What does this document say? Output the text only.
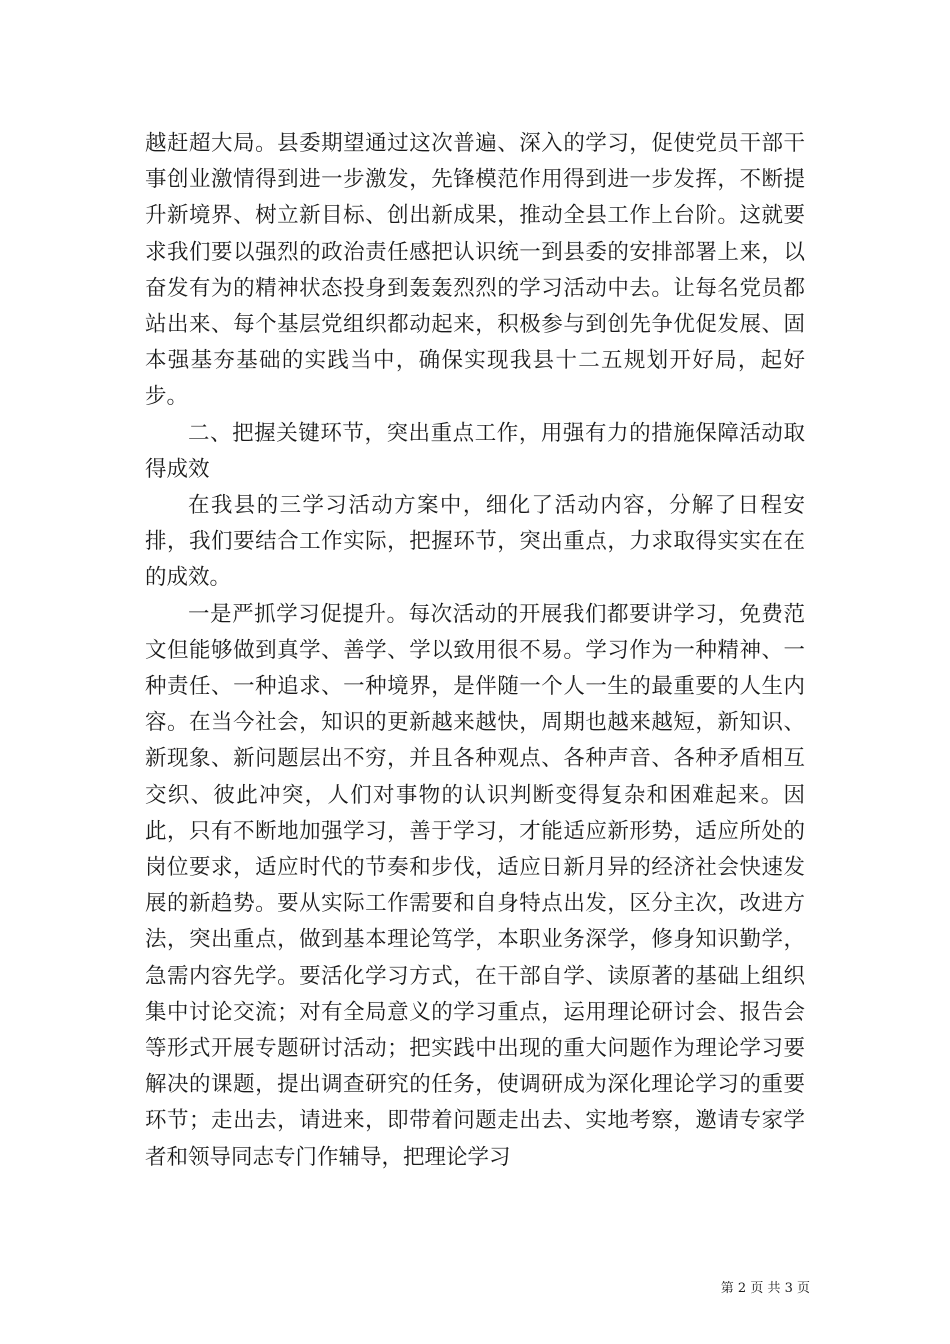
越赶超大局。县委期望通过这次普遍、深入的学习，促使党员干部干事创业激情得到进一步激发，先锋模范作用得到进一步发挥，不断提升新境界、树立新目标、创出新成果，推动全县工作上台阶。这就要求我们要以强烈的政治责任感把认识统一到县委的安排部署上来，以奋发有为的精神状态投身到轰轰烈烈的学习活动中去。让每名党员都站出来、每个基层党组织都动起来，积极参与到创先争优促发展、固本强基夯基础的实践当中，确保实现我县十二五规划开好局，起好步。

二、把握关键环节，突出重点工作，用强有力的措施保障活动取得成效

在我县的三学习活动方案中，细化了活动内容，分解了日程安排，我们要结合工作实际，把握环节，突出重点，力求取得实实在在的成效。

一是严抓学习促提升。每次活动的开展我们都要讲学习，免费范文但能够做到真学、善学、学以致用很不易。学习作为一种精神、一种责任、一种追求、一种境界，是伴随一个人一生的最重要的人生内容。在当今社会，知识的更新越来越快，周期也越来越短，新知识、新现象、新问题层出不穷，并且各种观点、各种声音、各种矛盾相互交织、彼此冲突，人们对事物的认识判断变得复杂和困难起来。因此，只有不断地加强学习，善于学习，才能适应新形势，适应所处的岗位要求，适应时代的节奏和步伐，适应日新月异的经济社会快速发展的新趋势。要从实际工作需要和自身特点出发，区分主次，改进方法，突出重点，做到基本理论笃学，本职业务深学，修身知识勤学，急需内容先学。要活化学习方式，在干部自学、读原著的基础上组织集中讨论交流；对有全局意义的学习重点，运用理论研讨会、报告会等形式开展专题研讨活动；把实践中出现的重大问题作为理论学习要解决的课题，提出调查研究的任务，使调研成为深化理论学习的重要环节；走出去，请进来，即带着问题走出去、实地考察，邀请专家学者和领导同志专门作辅导，把理论学习

第 2 页 共 3 页
